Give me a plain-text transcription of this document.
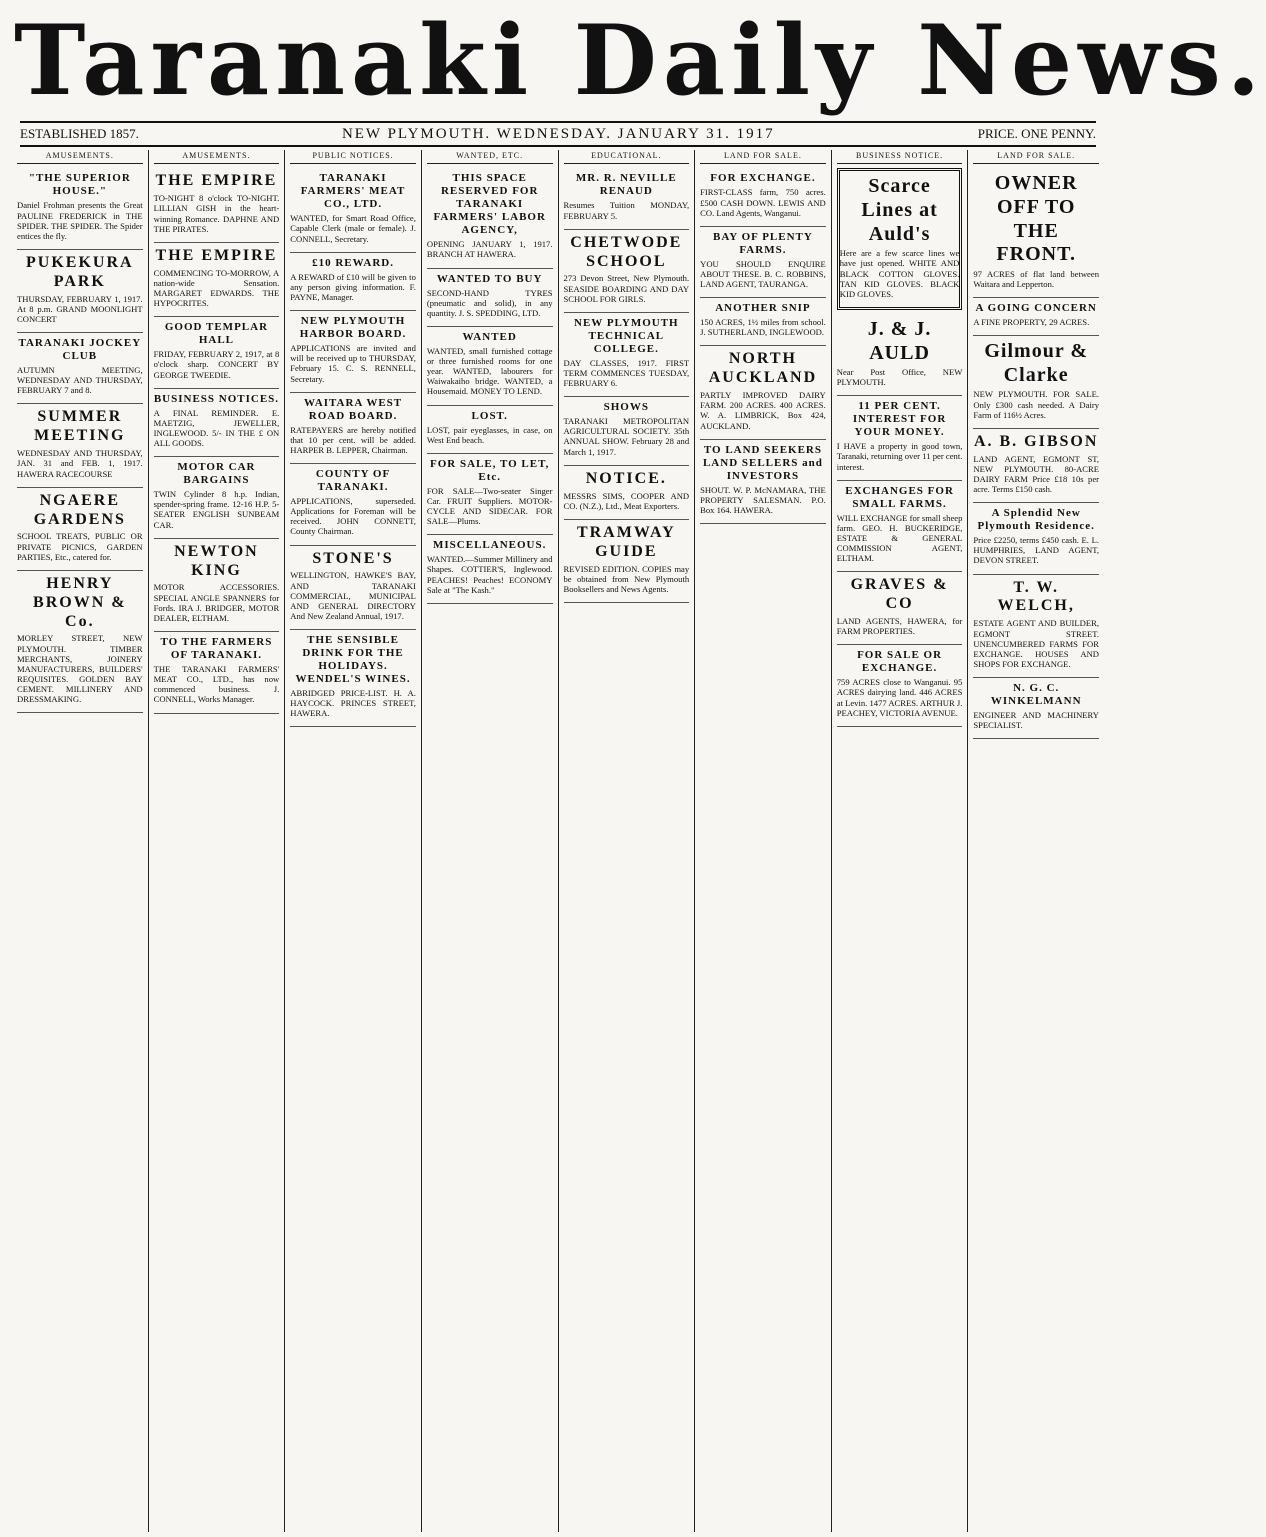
Taranaki Daily News.
ESTABLISHED 1857.	NEW PLYMOUTH. WEDNESDAY. JANUARY 31. 1917	PRICE. ONE PENNY.
AMUSEMENTS.
"THE SUPERIOR HOUSE."

Daniel Frohman presents the Great PAULINE FREDERICK in THE SPIDER. THE SPIDER. The Spider entices the fly.

PUKEKURA PARK

THURSDAY, FEBRUARY 1, 1917. At 8 p.m. GRAND MOONLIGHT CONCERT

TARANAKI JOCKEY CLUB

AUTUMN MEETING, WEDNESDAY AND THURSDAY, FEBRUARY 7 and 8.

SUMMER MEETING

WEDNESDAY AND THURSDAY, JAN. 31 and FEB. 1, 1917. HAWERA RACECOURSE

NGAERE GARDENS

SCHOOL TREATS, PUBLIC OR PRIVATE PICNICS, GARDEN PARTIES, Etc., catered for.

HENRY BROWN & Co.

MORLEY STREET, NEW PLYMOUTH. TIMBER MERCHANTS, JOINERY MANUFACTURERS, BUILDERS' REQUISITES. GOLDEN BAY CEMENT. MILLINERY AND DRESSMAKING.

AMUSEMENTS.
THE EMPIRE

TO-NIGHT 8 o'clock TO-NIGHT. LILLIAN GISH in the heart-winning Romance. DAPHNE AND THE PIRATES.

THE EMPIRE

COMMENCING TO-MORROW, A nation-wide Sensation. MARGARET EDWARDS. THE HYPOCRITES.

GOOD TEMPLAR HALL

FRIDAY, FEBRUARY 2, 1917, at 8 o'clock sharp. CONCERT BY GEORGE TWEEDIE.

BUSINESS NOTICES.

A FINAL REMINDER. E. MAETZIG, JEWELLER, INGLEWOOD. 5/- IN THE £ ON ALL GOODS.

MOTOR CAR BARGAINS

TWIN Cylinder 8 h.p. Indian, spender-spring frame. 12-16 H.P. 5-SEATER ENGLISH SUNBEAM CAR.

NEWTON KING

MOTOR ACCESSORIES. SPECIAL ANGLE SPANNERS for Fords. IRA J. BRIDGER, MOTOR DEALER, ELTHAM.

TO THE FARMERS OF TARANAKI.

THE TARANAKI FARMERS' MEAT CO., LTD., has now commenced business. J. CONNELL, Works Manager.

PUBLIC NOTICES.
TARANAKI FARMERS' MEAT CO., LTD.

WANTED, for Smart Road Office, Capable Clerk (male or female). J. CONNELL, Secretary.

£10 REWARD.

A REWARD of £10 will be given to any person giving information. F. PAYNE, Manager.

NEW PLYMOUTH HARBOR BOARD.

APPLICATIONS are invited and will be received up to THURSDAY, February 15. C. S. RENNELL, Secretary.

WAITARA WEST ROAD BOARD.

RATEPAYERS are hereby notified that 10 per cent. will be added. HARPER B. LEPPER, Chairman.

COUNTY OF TARANAKI.

APPLICATIONS, superseded. Applications for Foreman will be received. JOHN CONNETT, County Chairman.

STONE'S

WELLINGTON, HAWKE'S BAY, AND TARANAKI COMMERCIAL, MUNICIPAL AND GENERAL DIRECTORY And New Zealand Annual, 1917.

THE SENSIBLE DRINK FOR THE HOLIDAYS. WENDEL'S WINES.

ABRIDGED PRICE-LIST. H. A. HAYCOCK. PRINCES STREET, HAWERA.

WANTED, ETC.
THIS SPACE RESERVED FOR TARANAKI FARMERS' LABOR AGENCY,

OPENING JANUARY 1, 1917. BRANCH AT HAWERA.

WANTED TO BUY

SECOND-HAND TYRES (pneumatic and solid), in any quantity. J. S. SPEDDING, LTD.

WANTED

WANTED, small furnished cottage or three furnished rooms for one year. WANTED, labourers for Waiwakaiho bridge. WANTED, a Housemaid. MONEY TO LEND.

LOST.

LOST, pair eyeglasses, in case, on West End beach.

FOR SALE, TO LET, Etc.

FOR SALE—Two-seater Singer Car. FRUIT Suppliers. MOTOR-CYCLE AND SIDECAR. FOR SALE—Plums.

MISCELLANEOUS.

WANTED.—Summer Millinery and Shapes. COTTIER'S, Inglewood. PEACHES! Peaches! ECONOMY Sale at "The Kash."

EDUCATIONAL.
MR. R. NEVILLE RENAUD

Resumes Tuition MONDAY, FEBRUARY 5.

CHETWODE SCHOOL

273 Devon Street, New Plymouth. SEASIDE BOARDING AND DAY SCHOOL FOR GIRLS.

NEW PLYMOUTH TECHNICAL COLLEGE.

DAY CLASSES, 1917. FIRST TERM COMMENCES TUESDAY, FEBRUARY 6.

SHOWS

TARANAKI METROPOLITAN AGRICULTURAL SOCIETY. 35th ANNUAL SHOW. February 28 and March 1, 1917.

NOTICE.

MESSRS SIMS, COOPER AND CO. (N.Z.), Ltd., Meat Exporters.

TRAMWAY GUIDE

REVISED EDITION. COPIES may be obtained from New Plymouth Booksellers and News Agents.

LAND FOR SALE.
FOR EXCHANGE.

FIRST-CLASS farm, 750 acres. £500 CASH DOWN. LEWIS AND CO. Land Agents, Wanganui.

BAY OF PLENTY FARMS.

YOU SHOULD ENQUIRE ABOUT THESE. B. C. ROBBINS, LAND AGENT, TAURANGA.

ANOTHER SNIP

150 ACRES, 1½ miles from school. J. SUTHERLAND, INGLEWOOD.

NORTH AUCKLAND

PARTLY IMPROVED DAIRY FARM. 200 ACRES. 400 ACRES. W. A. LIMBRICK, Box 424, AUCKLAND.

TO LAND SEEKERS LAND SELLERS and INVESTORS

SHOUT. W. P. McNAMARA, THE PROPERTY SALESMAN. P.O. Box 164. HAWERA.

BUSINESS NOTICE.
Scarce Lines at Auld's

Here are a few scarce lines we have just opened. WHITE AND BLACK COTTON GLOVES. TAN KID GLOVES. BLACK KID GLOVES.

J. & J. AULD

Near Post Office, NEW PLYMOUTH.

11 PER CENT. INTEREST FOR YOUR MONEY.

I HAVE a property in good town, Taranaki, returning over 11 per cent. interest.

EXCHANGES FOR SMALL FARMS.

WILL EXCHANGE for small sheep farm. GEO. H. BUCKERIDGE, ESTATE & GENERAL COMMISSION AGENT, ELTHAM.

GRAVES & CO

LAND AGENTS, HAWERA, for FARM PROPERTIES.

FOR SALE OR EXCHANGE.

759 ACRES close to Wanganui. 95 ACRES dairying land. 446 ACRES at Levin. 1477 ACRES. ARTHUR J. PEACHEY, VICTORIA AVENUE.

LAND FOR SALE.
OWNER OFF TO THE FRONT.

97 ACRES of flat land between Waitara and Lepperton.

A GOING CONCERN

A FINE PROPERTY, 29 ACRES.

Gilmour & Clarke

NEW PLYMOUTH. FOR SALE. Only £300 cash needed. A Dairy Farm of 116½ Acres.

A. B. GIBSON

LAND AGENT, EGMONT ST, NEW PLYMOUTH. 80-ACRE DAIRY FARM Price £18 10s per acre. Terms £150 cash.

A Splendid New Plymouth Residence.

Price £2250, terms £450 cash. E. L. HUMPHRIES, LAND AGENT, DEVON STREET.

T. W. WELCH,

ESTATE AGENT AND BUILDER, EGMONT STREET. UNENCUMBERED FARMS FOR EXCHANGE. HOUSES AND SHOPS FOR EXCHANGE.

N. G. C. WINKELMANN

ENGINEER AND MACHINERY SPECIALIST.
